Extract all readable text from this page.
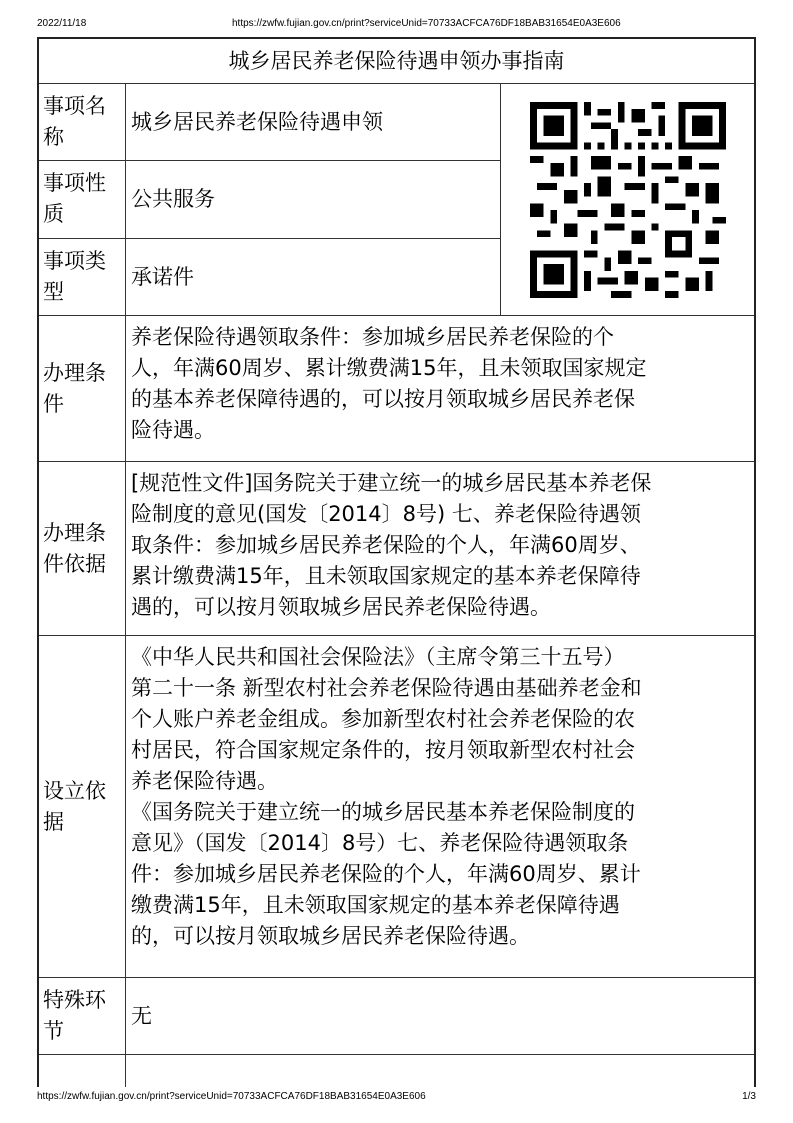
2022/11/18	https://zwfw.fujian.gov.cn/print?serviceUnid=70733ACFCA76DF18BAB31654E0A3E606
城乡居民养老保险待遇申领办事指南
事项名称
城乡居民养老保险待遇申领
事项性质
公共服务
事项类型
承诺件
办理条件
养老保险待遇领取条件：参加城乡居民养老保险的个
人，年满60周岁、累计缴费满15年，且未领取国家规定
的基本养老保障待遇的，可以按月领取城乡居民养老保
险待遇。
办理条件依据
[规范性文件]国务院关于建立统一的城乡居民基本养老保
险制度的意见(国发〔2014〕8号) 七、养老保险待遇领
取条件：参加城乡居民养老保险的个人，年满60周岁、
累计缴费满15年，且未领取国家规定的基本养老保障待
遇的，可以按月领取城乡居民养老保险待遇。
设立依据
《中华人民共和国社会保险法》（主席令第三十五号）
第二十一条 新型农村社会养老保险待遇由基础养老金和
个人账户养老金组成。参加新型农村社会养老保险的农
村居民，符合国家规定条件的，按月领取新型农村社会
养老保险待遇。
《国务院关于建立统一的城乡居民基本养老保险制度的
意见》（国发〔2014〕8号）七、养老保险待遇领取条
件：参加城乡居民养老保险的个人，年满60周岁、累计
缴费满15年，且未领取国家规定的基本养老保障待遇
的，可以按月领取城乡居民养老保险待遇。
特殊环节
无
https://zwfw.fujian.gov.cn/print?serviceUnid=70733ACFCA76DF18BAB31654E0A3E606	1/3
